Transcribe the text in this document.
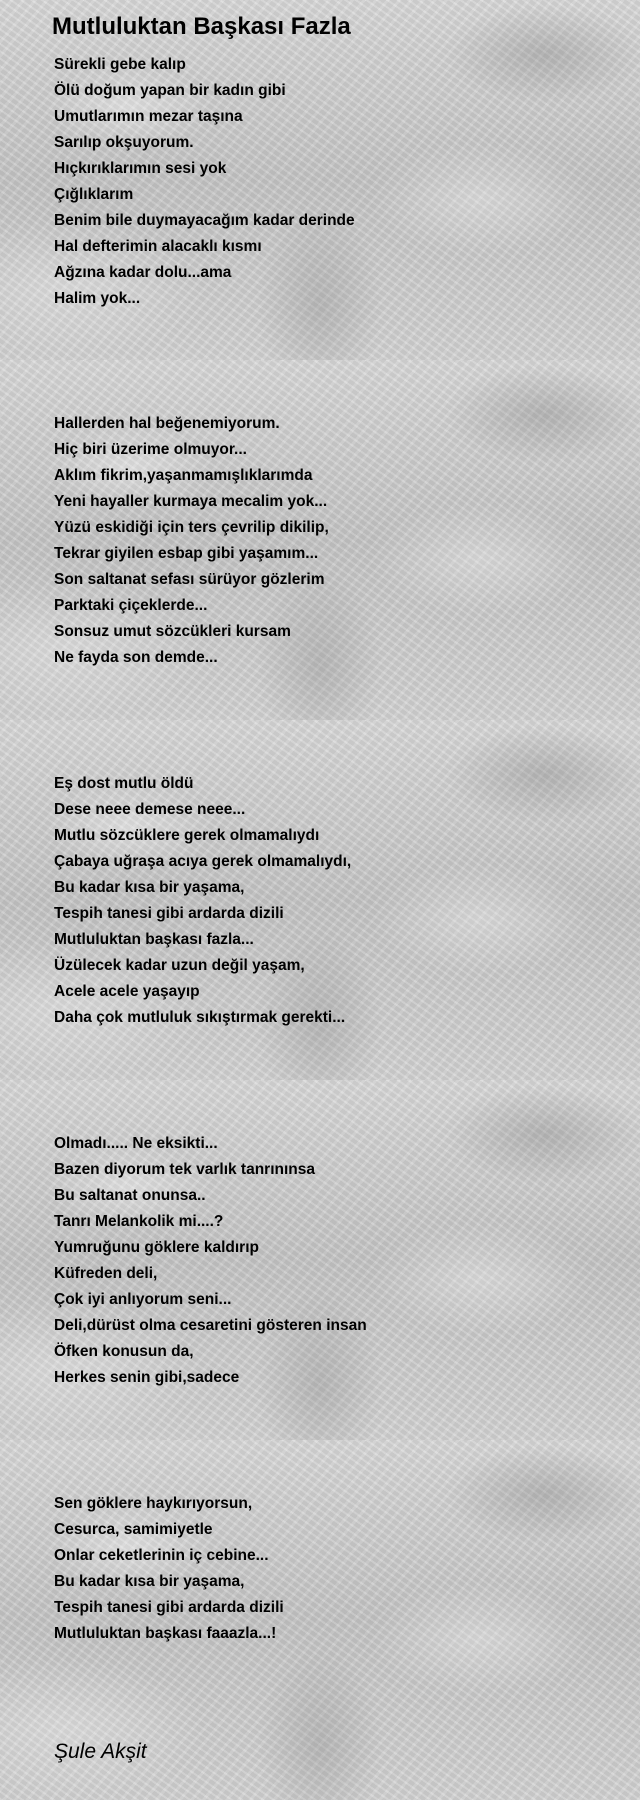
Mutluluktan Başkası Fazla
Sürekli gebe kalıp
Ölü doğum yapan bir kadın gibi
Umutlarımın mezar taşına
Sarılıp okşuyorum.
Hıçkırıklarımın sesi yok
Çığlıklarım
Benim bile duymayacağım kadar derinde
Hal defterimin alacaklı kısmı
Ağzına kadar dolu...ama
Halim yok...
Hallerden hal beğenemiyorum.
Hiç biri üzerime olmuyor...
Aklım fikrim,yaşanmamışlıklarımda
Yeni hayaller kurmaya mecalim yok...
Yüzü eskidiği için ters çevrilip dikilip,
Tekrar giyilen esbap gibi yaşamım...
Son saltanat sefası sürüyor gözlerim
Parktaki çiçeklerde...
Sonsuz umut sözcükleri kursam
Ne fayda son demde...
Eş dost mutlu öldü
Dese neee demese neee...
Mutlu sözcüklere gerek olmamalıydı
Çabaya uğraşa acıya gerek olmamalıydı,
Bu kadar kısa bir yaşama,
Tespih tanesi gibi ardarda dizili
Mutluluktan başkası fazla...
Üzülecek kadar uzun değil yaşam,
Acele acele yaşayıp
Daha çok mutluluk sıkıştırmak gerekti...
Olmadı..... Ne eksikti...
Bazen diyorum tek varlık tanrınınsa
Bu saltanat onunsa..
Tanrı Melankolik mi....?
Yumruğunu göklere kaldırıp
Küfreden deli,
Çok iyi anlıyorum seni...
Deli,dürüst olma cesaretini gösteren insan
Öfken konusun da,
Herkes senin gibi,sadece
Sen göklere haykırıyorsun,
Cesurca, samimiyetle
Onlar ceketlerinin iç cebine...
Bu kadar kısa bir yaşama,
Tespih tanesi gibi ardarda dizili
Mutluluktan başkası faaazla...!

Şule Akşit
